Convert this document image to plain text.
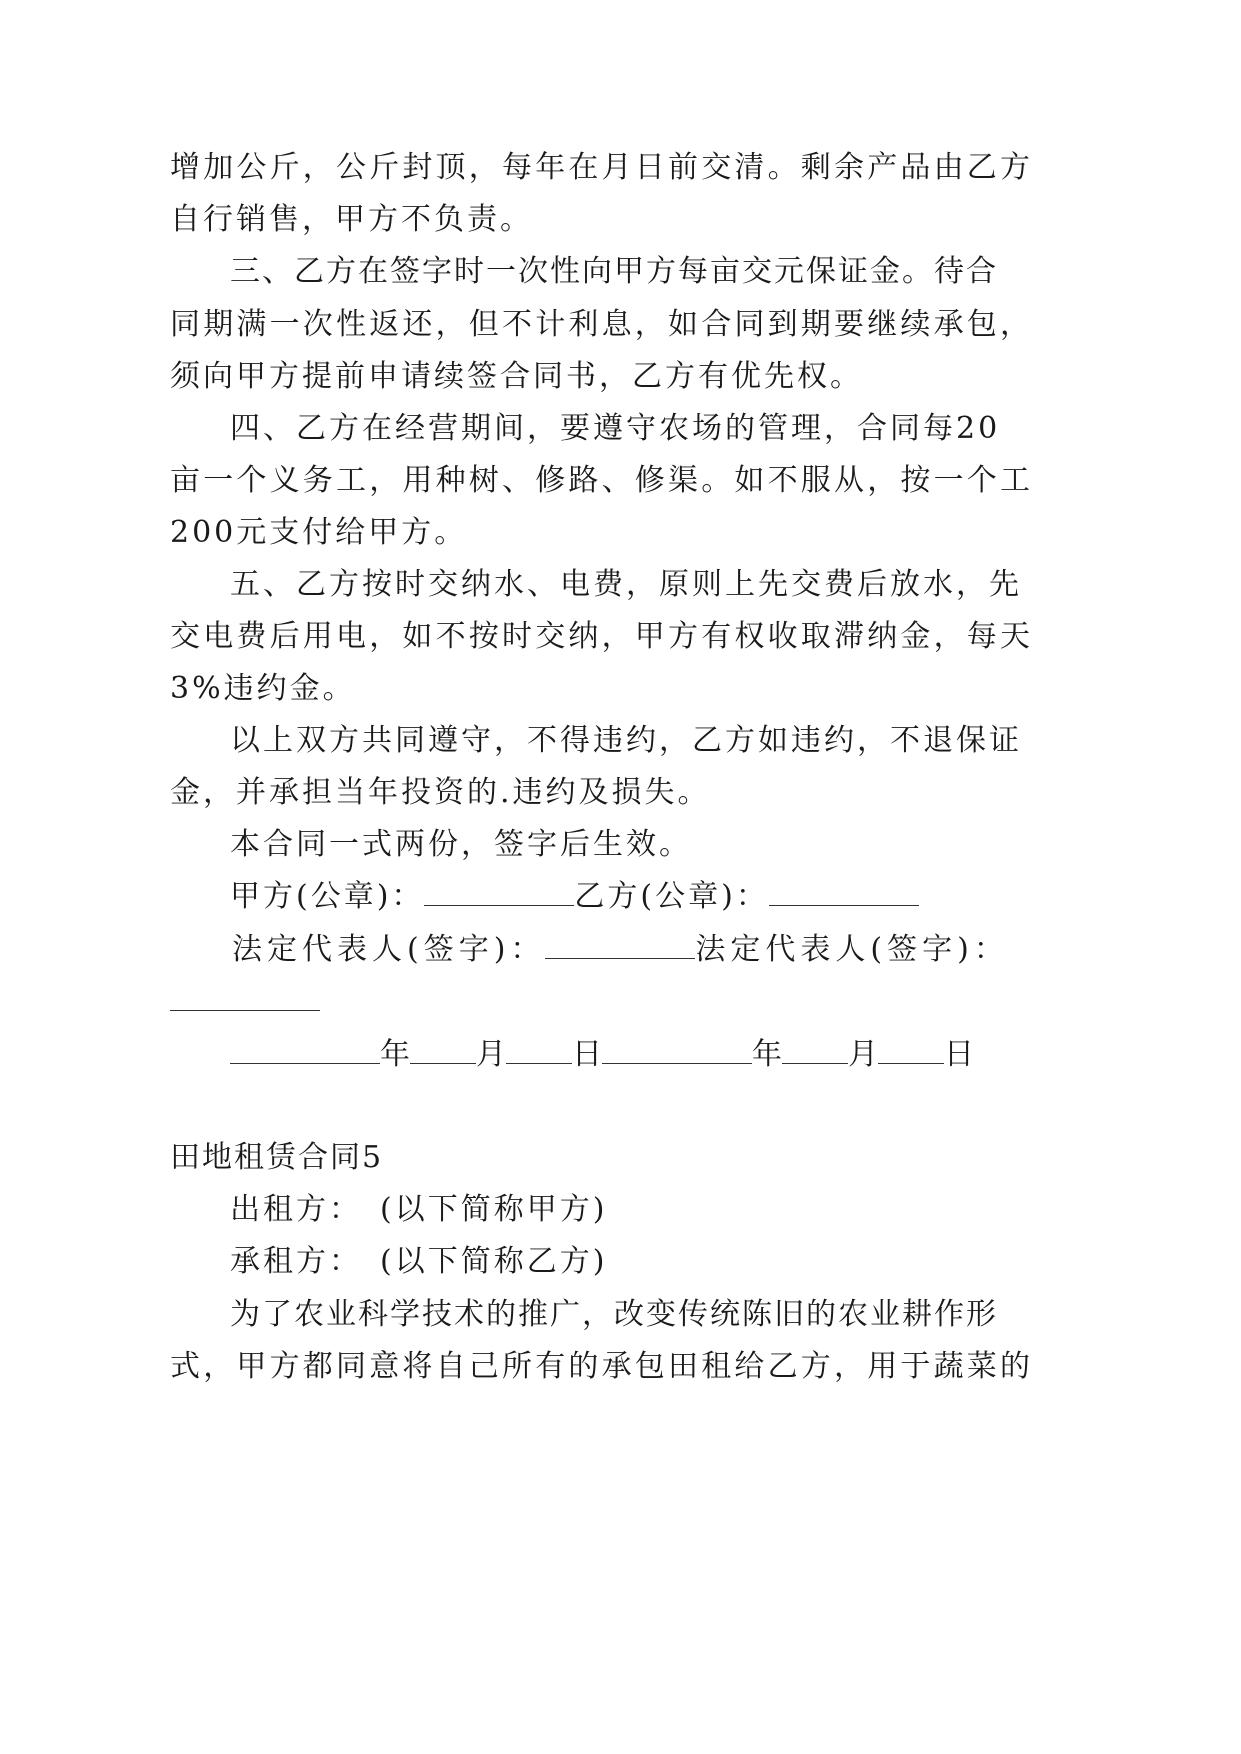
增加公斤，公斤封顶，每年在月日前交清。剩余产品由乙方
自行销售，甲方不负责。
三、乙方在签字时一次性向甲方每亩交元保证金。待合
同期满一次性返还，但不计利息，如合同到期要继续承包，
须向甲方提前申请续签合同书，乙方有优先权。
四、乙方在经营期间，要遵守农场的管理，合同每20
亩一个义务工，用种树、修路、修渠。如不服从，按一个工
200元支付给甲方。
五、乙方按时交纳水、电费，原则上先交费后放水，先
交电费后用电，如不按时交纳，甲方有权收取滞纳金，每天
3%违约金。
以上双方共同遵守，不得违约，乙方如违约，不退保证
金，并承担当年投资的.违约及损失。
本合同一式两份，签字后生效。
甲方(公章)：	乙方(公章)：
法定代表人(签字)：	法定代表人(签字)：
年 月 日	年 月 日
田地租赁合同5
出租方：　(以下简称甲方)
承租方：　(以下简称乙方)
为了农业科学技术的推广，改变传统陈旧的农业耕作形
式，甲方都同意将自己所有的承包田租给乙方，用于蔬菜的
